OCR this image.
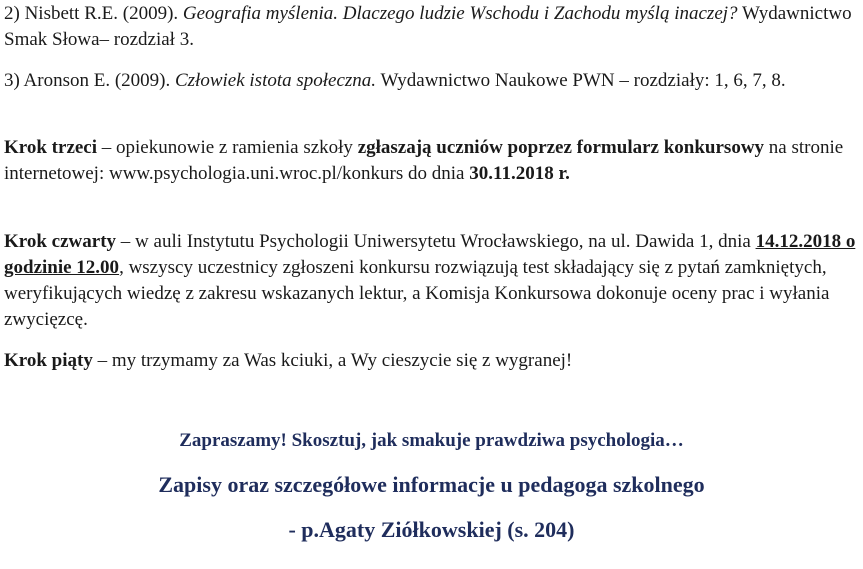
2) Nisbett R.E. (2009). Geografia myślenia. Dlaczego ludzie Wschodu i Zachodu myślą inaczej? Wydawnictwo Smak Słowa– rozdział 3.

3) Aronson E. (2009). Człowiek istota społeczna. Wydawnictwo Naukowe PWN – rozdziały: 1, 6, 7, 8.

Krok trzeci – opiekunowie z ramienia szkoły zgłaszają uczniów poprzez formularz konkursowy na stronie internetowej: www.psychologia.uni.wroc.pl/konkurs do dnia 30.11.2018 r.

Krok czwarty – w auli Instytutu Psychologii Uniwersytetu Wrocławskiego, na ul. Dawida 1, dnia 14.12.2018 o godzinie 12.00, wszyscy uczestnicy zgłoszeni konkursu rozwiązują test składający się z pytań zamkniętych, weryfikujących wiedzę z zakresu wskazanych lektur, a Komisja Konkursowa dokonuje oceny prac i wyłania zwycięzcę.

Krok piąty – my trzymamy za Was kciuki, a Wy cieszycie się z wygranej!

Zapraszamy! Skosztuj, jak smakuje prawdziwa psychologia…

Zapisy oraz szczegółowe informacje u pedagoga szkolnego

- p.Agaty Ziółkowskiej (s. 204)
